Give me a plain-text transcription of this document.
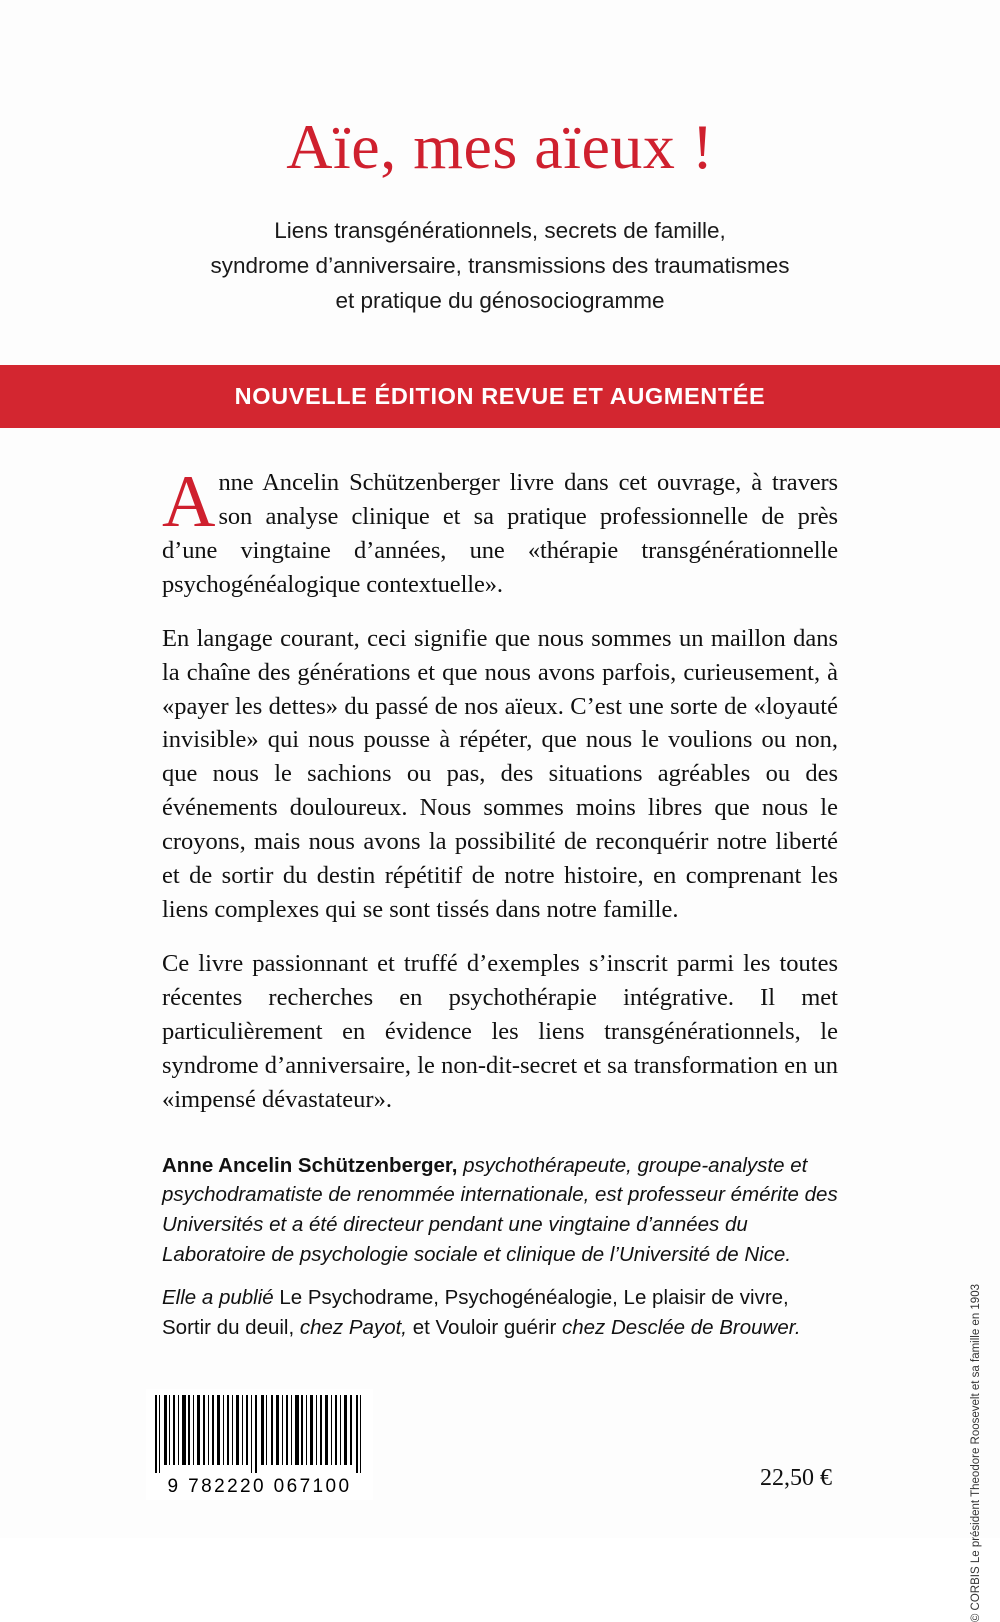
Aïe, mes aïeux !
Liens transgénérationnels, secrets de famille,
syndrome d’anniversaire, transmissions des traumatismes
et pratique du génosociogramme
NOUVELLE ÉDITION REVUE ET AUGMENTÉE

Anne Ancelin Schützenberger livre dans cet ouvrage, à travers son analyse clinique et sa pratique professionnelle de près d’une vingtaine d’années, une «thérapie transgénérationnelle psychogénéalogique contextuelle».

En langage courant, ceci signifie que nous sommes un maillon dans la chaîne des générations et que nous avons parfois, curieusement, à «payer les dettes» du passé de nos aïeux. C’est une sorte de «loyauté invisible» qui nous pousse à répéter, que nous le voulions ou non, que nous le sachions ou pas, des situations agréables ou des événements douloureux. Nous sommes moins libres que nous le croyons, mais nous avons la possibilité de reconquérir notre liberté et de sortir du destin répétitif de notre histoire, en comprenant les liens complexes qui se sont tissés dans notre famille.

Ce livre passionnant et truffé d’exemples s’inscrit parmi les toutes récentes recherches en psychothérapie intégrative. Il met particulièrement en évidence les liens transgénérationnels, le syndrome d’anniversaire, le non-dit-secret et sa transformation en un «impensé dévastateur».

Anne Ancelin Schützenberger, psychothérapeute, groupe-analyste et psychodramatiste de renommée internationale, est professeur émérite des Universités et a été directeur pendant une vingtaine d’années du Laboratoire de psychologie sociale et clinique de l’Université de Nice.

Elle a publié Le Psychodrame, Psychogénéalogie, Le plaisir de vivre, Sortir du deuil, chez Payot, et Vouloir guérir chez Desclée de Brouwer.

9 782220 067100	22,50 €	© CORBIS Le président Theodore Roosevelt et sa famille en 1903
